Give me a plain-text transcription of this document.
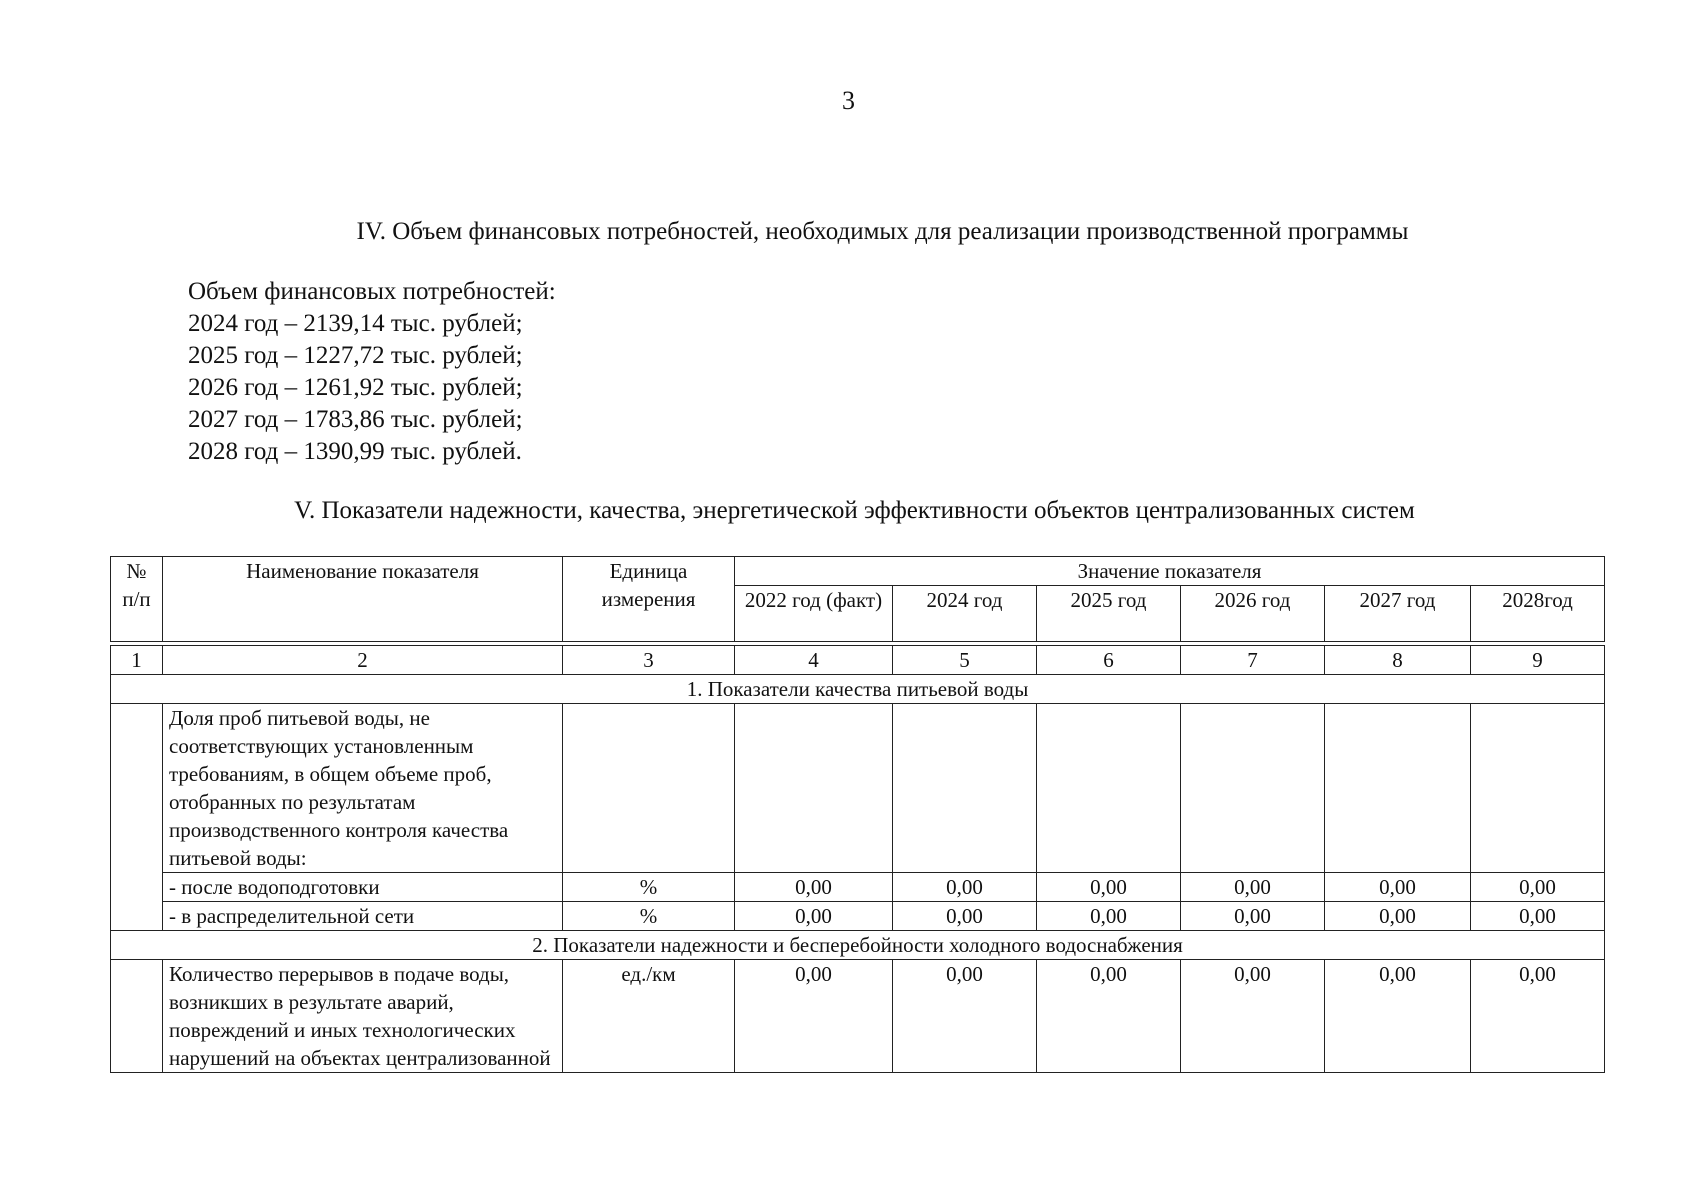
3
IV. Объем финансовых потребностей, необходимых для реализации производственной программы
Объем финансовых потребностей:
2024 год – 2139,14 тыс. рублей;
2025 год – 1227,72 тыс. рублей;
2026 год – 1261,92 тыс. рублей;
2027 год – 1783,86 тыс. рублей;
2028 год – 1390,99 тыс. рублей.
V. Показатели надежности, качества, энергетической эффективности объектов централизованных систем
№ п/п	Наименование показателя	Единица измерения	Значение показателя					
			2022 год (факт)	2024 год	2025 год	2026 год	2027 год	2028год

1	2	3	4	5	6	7	8	9
1. Показатели качества питьевой воды								
	Доля проб питьевой воды, не соответствующих установленным требованиям, в общем объеме проб, отобранных по результатам производственного контроля качества питьевой воды:							
	- после водоподготовки	%	0,00	0,00	0,00	0,00	0,00	0,00
	- в распределительной сети	%	0,00	0,00	0,00	0,00	0,00	0,00
2. Показатели надежности и бесперебойности холодного водоснабжения								
	Количество перерывов в подаче воды, возникших в результате аварий, повреждений и иных технологических нарушений на объектах централизованной	ед./км	0,00	0,00	0,00	0,00	0,00	0,00
